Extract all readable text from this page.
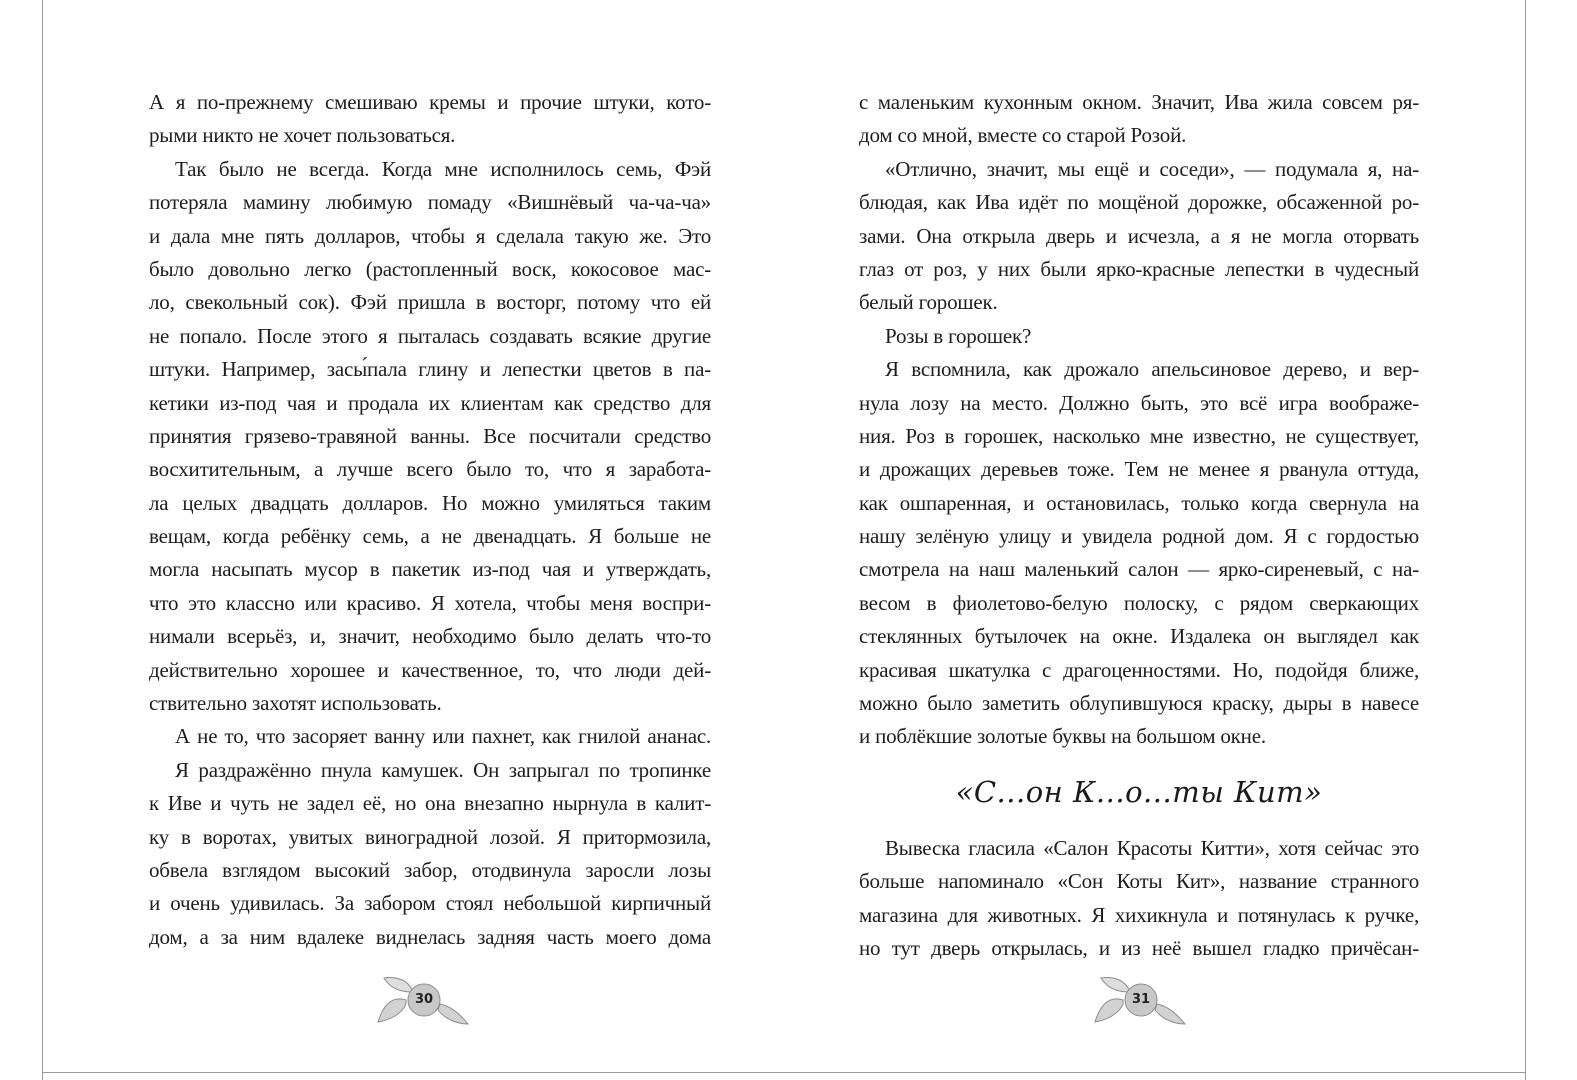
А я по-прежнему смешиваю кремы и прочие штуки, кото-
рыми никто не хочет пользоваться.
Так было не всегда. Когда мне исполнилось семь, Фэй
потеряла мамину любимую помаду «Вишнёвый ча-ча-ча»
и дала мне пять долларов, чтобы я сделала такую же. Это
было довольно легко (растопленный воск, кокосовое мас-
ло, свекольный сок). Фэй пришла в восторг, потому что ей
не попало. После этого я пыталась создавать всякие другие
штуки. Например, засы́пала глину и лепестки цветов в па-
кетики из-под чая и продала их клиентам как средство для
принятия грязево-травяной ванны. Все посчитали средство
восхитительным, а лучше всего было то, что я заработа-
ла целых двадцать долларов. Но можно умиляться таким
вещам, когда ребёнку семь, а не двенадцать. Я больше не
могла насыпать мусор в пакетик из-под чая и утверждать,
что это классно или красиво. Я хотела, чтобы меня воспри-
нимали всерьёз, и, значит, необходимо было делать что-то
действительно хорошее и качественное, то, что люди дей-
ствительно захотят использовать.
А не то, что засоряет ванну или пахнет, как гнилой ананас.
Я раздражённо пнула камушек. Он запрыгал по тропинке
к Иве и чуть не задел её, но она внезапно нырнула в калит-
ку в воротах, увитых виноградной лозой. Я притормозила,
обвела взглядом высокий забор, отодвинула заросли лозы
и очень удивилась. За забором стоял небольшой кирпичный
дом, а за ним вдалеке виднелась задняя часть моего дома
30
с маленьким кухонным окном. Значит, Ива жила совсем ря-
дом со мной, вместе со старой Розой.
«Отлично, значит, мы ещё и соседи», — подумала я, на-
блюдая, как Ива идёт по мощёной дорожке, обсаженной ро-
зами. Она открыла дверь и исчезла, а я не могла оторвать
глаз от роз, у них были ярко-красные лепестки в чудесный
белый горошек.
Розы в горошек?
Я вспомнила, как дрожало апельсиновое дерево, и вер-
нула лозу на место. Должно быть, это всё игра воображе-
ния. Роз в горошек, насколько мне известно, не существует,
и дрожащих деревьев тоже. Тем не менее я рванула оттуда,
как ошпаренная, и остановилась, только когда свернула на
нашу зелёную улицу и увидела родной дом. Я с гордостью
смотрела на наш маленький салон — ярко-сиреневый, с на-
весом в фиолетово-белую полоску, с рядом сверкающих
стеклянных бутылочек на окне. Издалека он выглядел как
красивая шкатулка с драгоценностями. Но, подойдя ближе,
можно было заметить облупившуюся краску, дыры в навесе
и поблёкшие золотые буквы на большом окне.
«С...он К...о...ты Кит»
Вывеска гласила «Салон Красоты Китти», хотя сейчас это
больше напоминало «Сон Коты Кит», название странного
магазина для животных. Я хихикнула и потянулась к ручке,
но тут дверь открылась, и из неё вышел гладко причёсан-
31
